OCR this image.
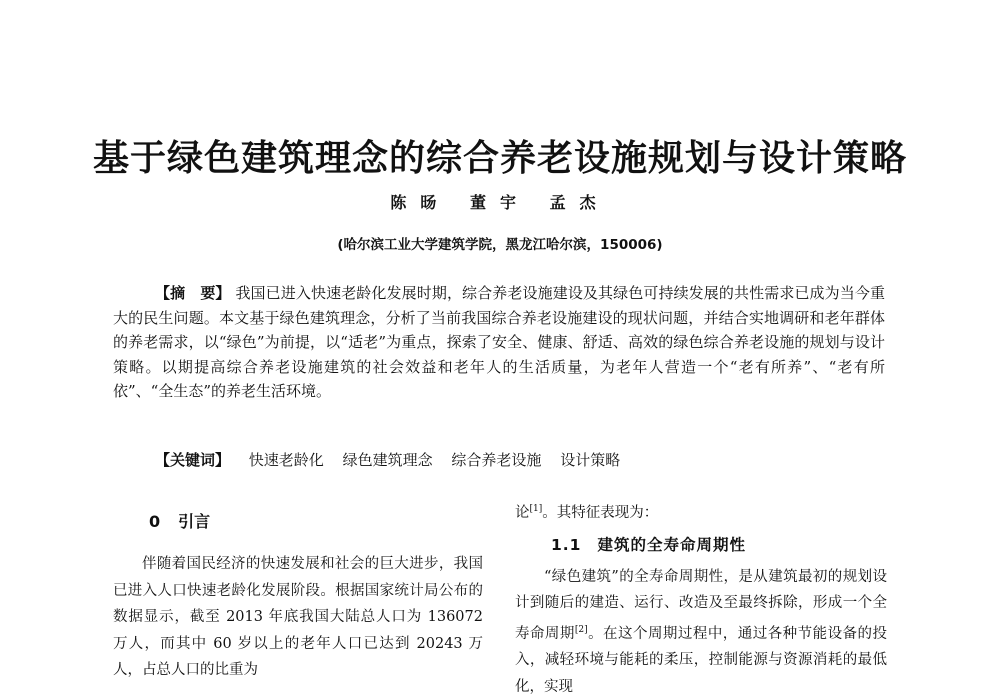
基于绿色建筑理念的综合养老设施规划与设计策略
陈旸 董宇 孟杰
(哈尔滨工业大学建筑学院，黑龙江哈尔滨，150006)

【摘　要】 我国已进入快速老龄化发展时期，综合养老设施建设及其绿色可持续发展的共性需求已成为当今重大的民生问题。本文基于绿色建筑理念，分析了当前我国综合养老设施建设的现状问题，并结合实地调研和老年群体的养老需求，以“绿色”为前提，以“适老”为重点，探索了安全、健康、舒适、高效的绿色综合养老设施的规划与设计策略。以期提高综合养老设施建筑的社会效益和老年人的生活质量，为老年人营造一个“老有所养”、“老有所依”、“全生态”的养老生活环境。

【关键词】 快速老龄化 绿色建筑理念 综合养老设施 设计策略
0 引言

伴随着国民经济的快速发展和社会的巨大进步，我国已进入人口快速老龄化发展阶段。根据国家统计局公布的数据显示，截至 2013 年底我国大陆总人口为 136072 万人，而其中 60 岁以上的老年人口已达到 20243 万人，占总人口的比重为

论[1]。其特征表现为：

1.1 建筑的全寿命周期性

“绿色建筑”的全寿命周期性，是从建筑最初的规划设计到随后的建造、运行、改造及至最终拆除，形成一个全寿命周期[2]。在这个周期过程中，通过各种节能设备的投入，减轻环境与能耗的柔压，控制能源与资源消耗的最低化，实现
